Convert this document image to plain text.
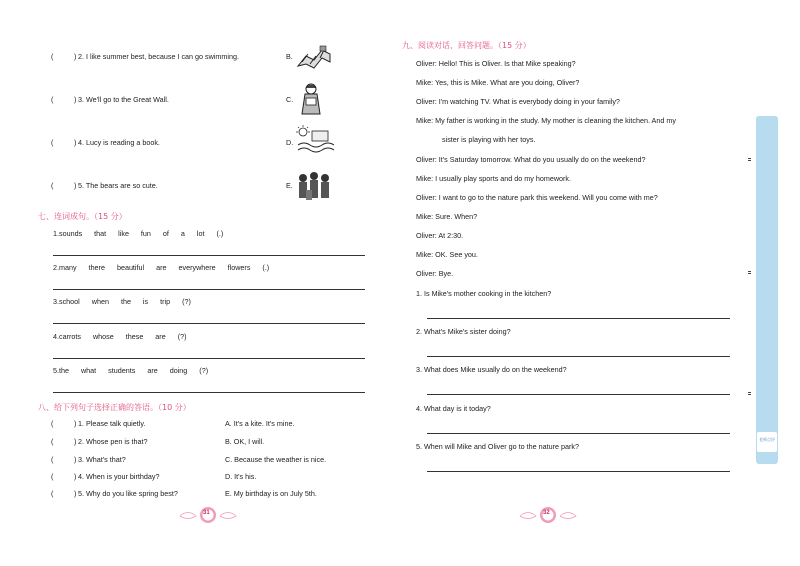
(	) 2. I like summer best, because I can go swimming.	B.
(	) 3. We'll go to the Great Wall.	C.
(	) 4. Lucy is reading a book.	D.
(	) 5. The bears are so cute.	E.
七、连词成句。（15 分）
1.sounds that like fun of a lot (.)
2.many there beautiful are everywhere flowers (.)
3.school when the is trip (?)
4.carrots whose these are (?)
5.the what students are doing (?)
八、给下列句子选择正确的答语。（10 分）
(	) 1. Please talk quietly.	A. It's a kite. It's mine.
(	) 2. Whose pen is that?	B. OK, I will.
(	) 3. What's that?	C. Because the weather is nice.
(	) 4. When is your birthday?	D. It's his.
(	) 5. Why do you like spring best?	E. My birthday is on July 5th.
31
九、阅读对话，回答问题。（15 分）
Oliver: Hello! This is Oliver. Is that Mike speaking?
Mike: Yes, this is Mike. What are you doing, Oliver?
Oliver: I'm watching TV. What is everybody doing in your family?
Mike: My father is working in the study. My mother is cleaning the kitchen. And my
sister is playing with her toys.
Oliver: It's Saturday tomorrow. What do you usually do on the weekend?
Mike: I usually play sports and do my homework.
Oliver: I want to go to the nature park this weekend. Will you come with me?
Mike: Sure. When?
Oliver: At 2:30.
Mike: OK. See you.
Oliver: Bye.
1. Is Mike's mother cooking in the kitchen?
2. What's Mike's sister doing?
3. What does Mike usually do on the weekend?
4. What day is it today?
5. When will Mike and Oliver go to the nature park?
32
老师点评
